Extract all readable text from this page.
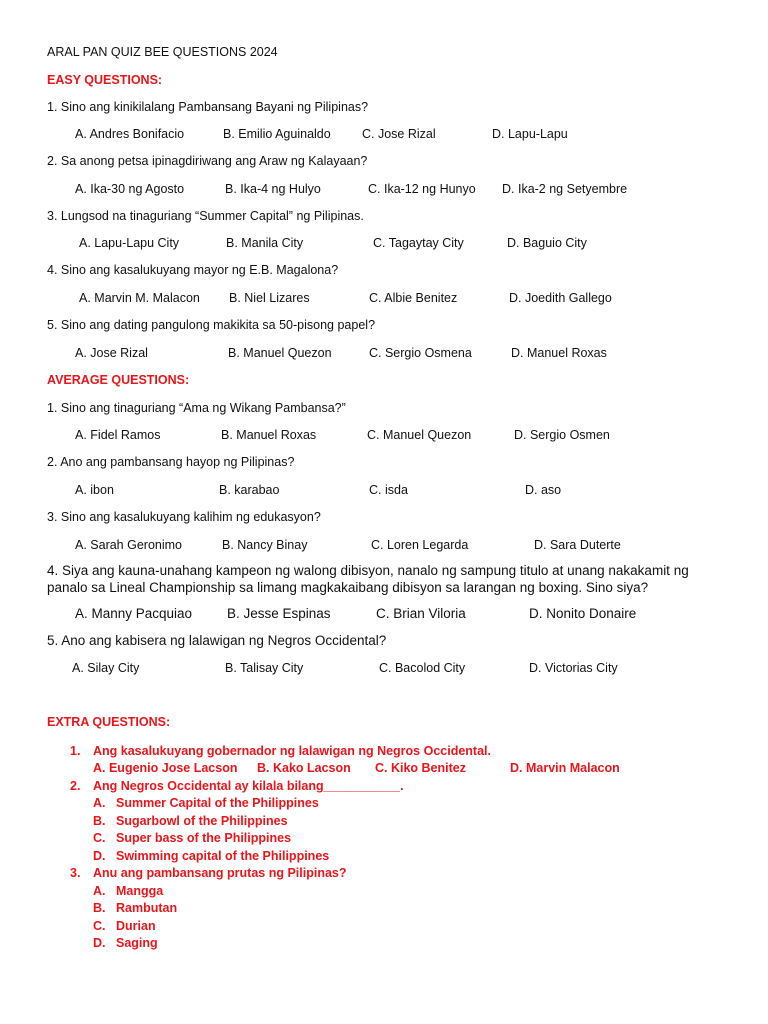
ARAL PAN QUIZ BEE QUESTIONS 2024
EASY QUESTIONS:
1. Sino ang kinikilalang Pambansang Bayani ng Pilipinas?
A. Andres Bonifacio	B. Emilio Aguinaldo	C. Jose Rizal	D. Lapu-Lapu
2. Sa anong petsa ipinagdiriwang ang Araw ng Kalayaan?
A. Ika-30 ng Agosto	B. Ika-4 ng Hulyo	C. Ika-12 ng Hunyo D. Ika-2 ng Setyembre
3. Lungsod na tinaguriang “Summer Capital” ng Pilipinas.
A. Lapu-Lapu City	B. Manila City	C. Tagaytay City	D. Baguio City
4. Sino ang kasalukuyang mayor ng E.B. Magalona?
A. Marvin M. Malacon B. Niel Lizares	C. Albie Benitez	D. Joedith Gallego
5. Sino ang dating pangulong makikita sa 50-pisong papel?
A. Jose Rizal	B. Manuel Quezon	C. Sergio Osmena	D. Manuel Roxas
AVERAGE QUESTIONS:
1. Sino ang tinaguriang “Ama ng Wikang Pambansa?”
A. Fidel Ramos	B. Manuel Roxas	C. Manuel Quezon	D. Sergio Osmen
2. Ano ang pambansang hayop ng Pilipinas?
A. ibon	B. karabao	C. isda	D. aso
3. Sino ang kasalukuyang kalihim ng edukasyon?
A. Sarah Geronimo	B. Nancy Binay	C. Loren Legarda	D. Sara Duterte
4. Siya ang kauna-unahang kampeon ng walong dibisyon, nanalo ng sampung titulo at unang nakakamit ng
panalo sa Lineal Championship sa limang magkakaibang dibisyon sa larangan ng boxing. Sino siya?
A. Manny Pacquiao	B. Jesse Espinas	C. Brian Viloria	D. Nonito Donaire
5. Ano ang kabisera ng lalawigan ng Negros Occidental?
A. Silay City	B. Talisay City	C. Bacolod City	D. Victorias City
EXTRA QUESTIONS:
1. Ang kasalukuyang gobernador ng lalawigan ng Negros Occidental.
A. Eugenio Jose Lacson B. Kako Lacson C. Kiko Benitez	D. Marvin Malacon
2. Ang Negros Occidental ay kilala bilang___________.
A. Summer Capital of the Philippines
B. Sugarbowl of the Philippines
C. Super bass of the Philippines
D. Swimming capital of the Philippines
3. Anu ang pambansang prutas ng Pilipinas?
A. Mangga
B. Rambutan
C. Durian
D. Saging
